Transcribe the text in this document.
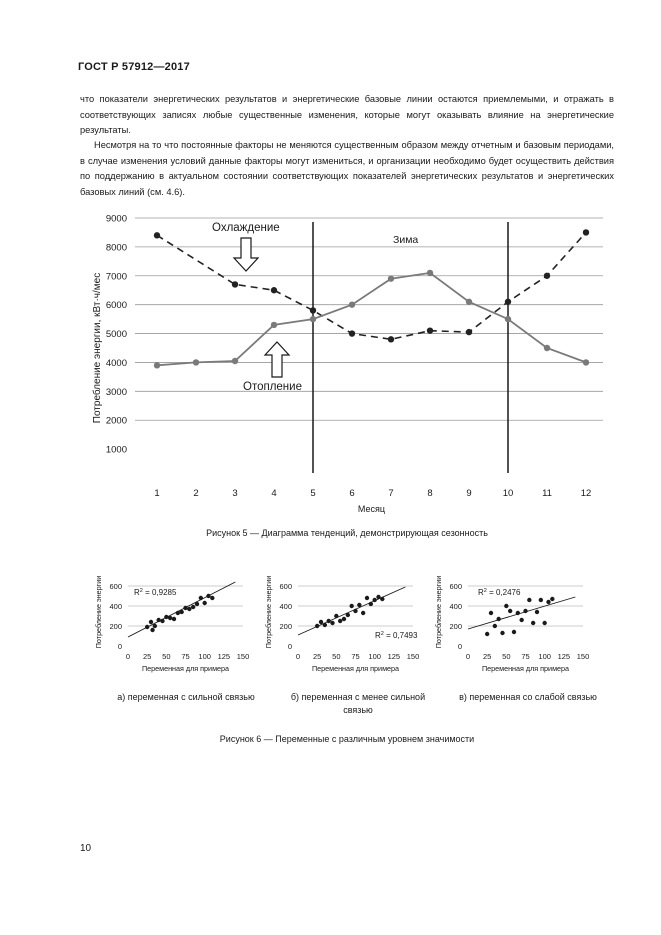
ГОСТ Р 57912—2017
что показатели энергетических результатов и энергетические базовые линии остаются приемлемыми, и отражать в соответствующих записях любые существенные изменения, которые могут оказывать влияние на энергетические результаты.
Несмотря на то что постоянные факторы не меняются существенным образом между отчетным и базовым периодами, в случае изменения условий данные факторы могут измениться, и организации необходимо будет осуществить действия по поддержанию в актуальном состоянии соответствующих показателей энергетических результатов и энергетических базовых линий (см. 4.6).
1000
2000
3000
4000
5000
6000
7000
8000
9000
1	2	3	4	5	6	7	8	9	10	11	12
Месяц
Потребление энергии, кВт·ч/мес
Охлаждение
Отопление
Зима
Рисунок 5 — Диаграмма тенденций, демонстрирующая сезонность
0
200
400
600
0 25 50 75 100 125 150
Переменная для примера
Потребление энергии	$R^2 = 0,9285$
0
200
400
600
0 25 50 75 100 125 150
Переменная для примера
Потребление энергии	$R^2 = 0,7493$
0
200
400
600
0 25 50 75 100 125 150
Переменная для примера
Потребление энергии	$R^2 = 0,2476$
а) переменная с сильной связью	б) переменная с менее сильной связью
в) переменная со слабой связью
Рисунок 6 — Переменные с различным уровнем значимости
10
